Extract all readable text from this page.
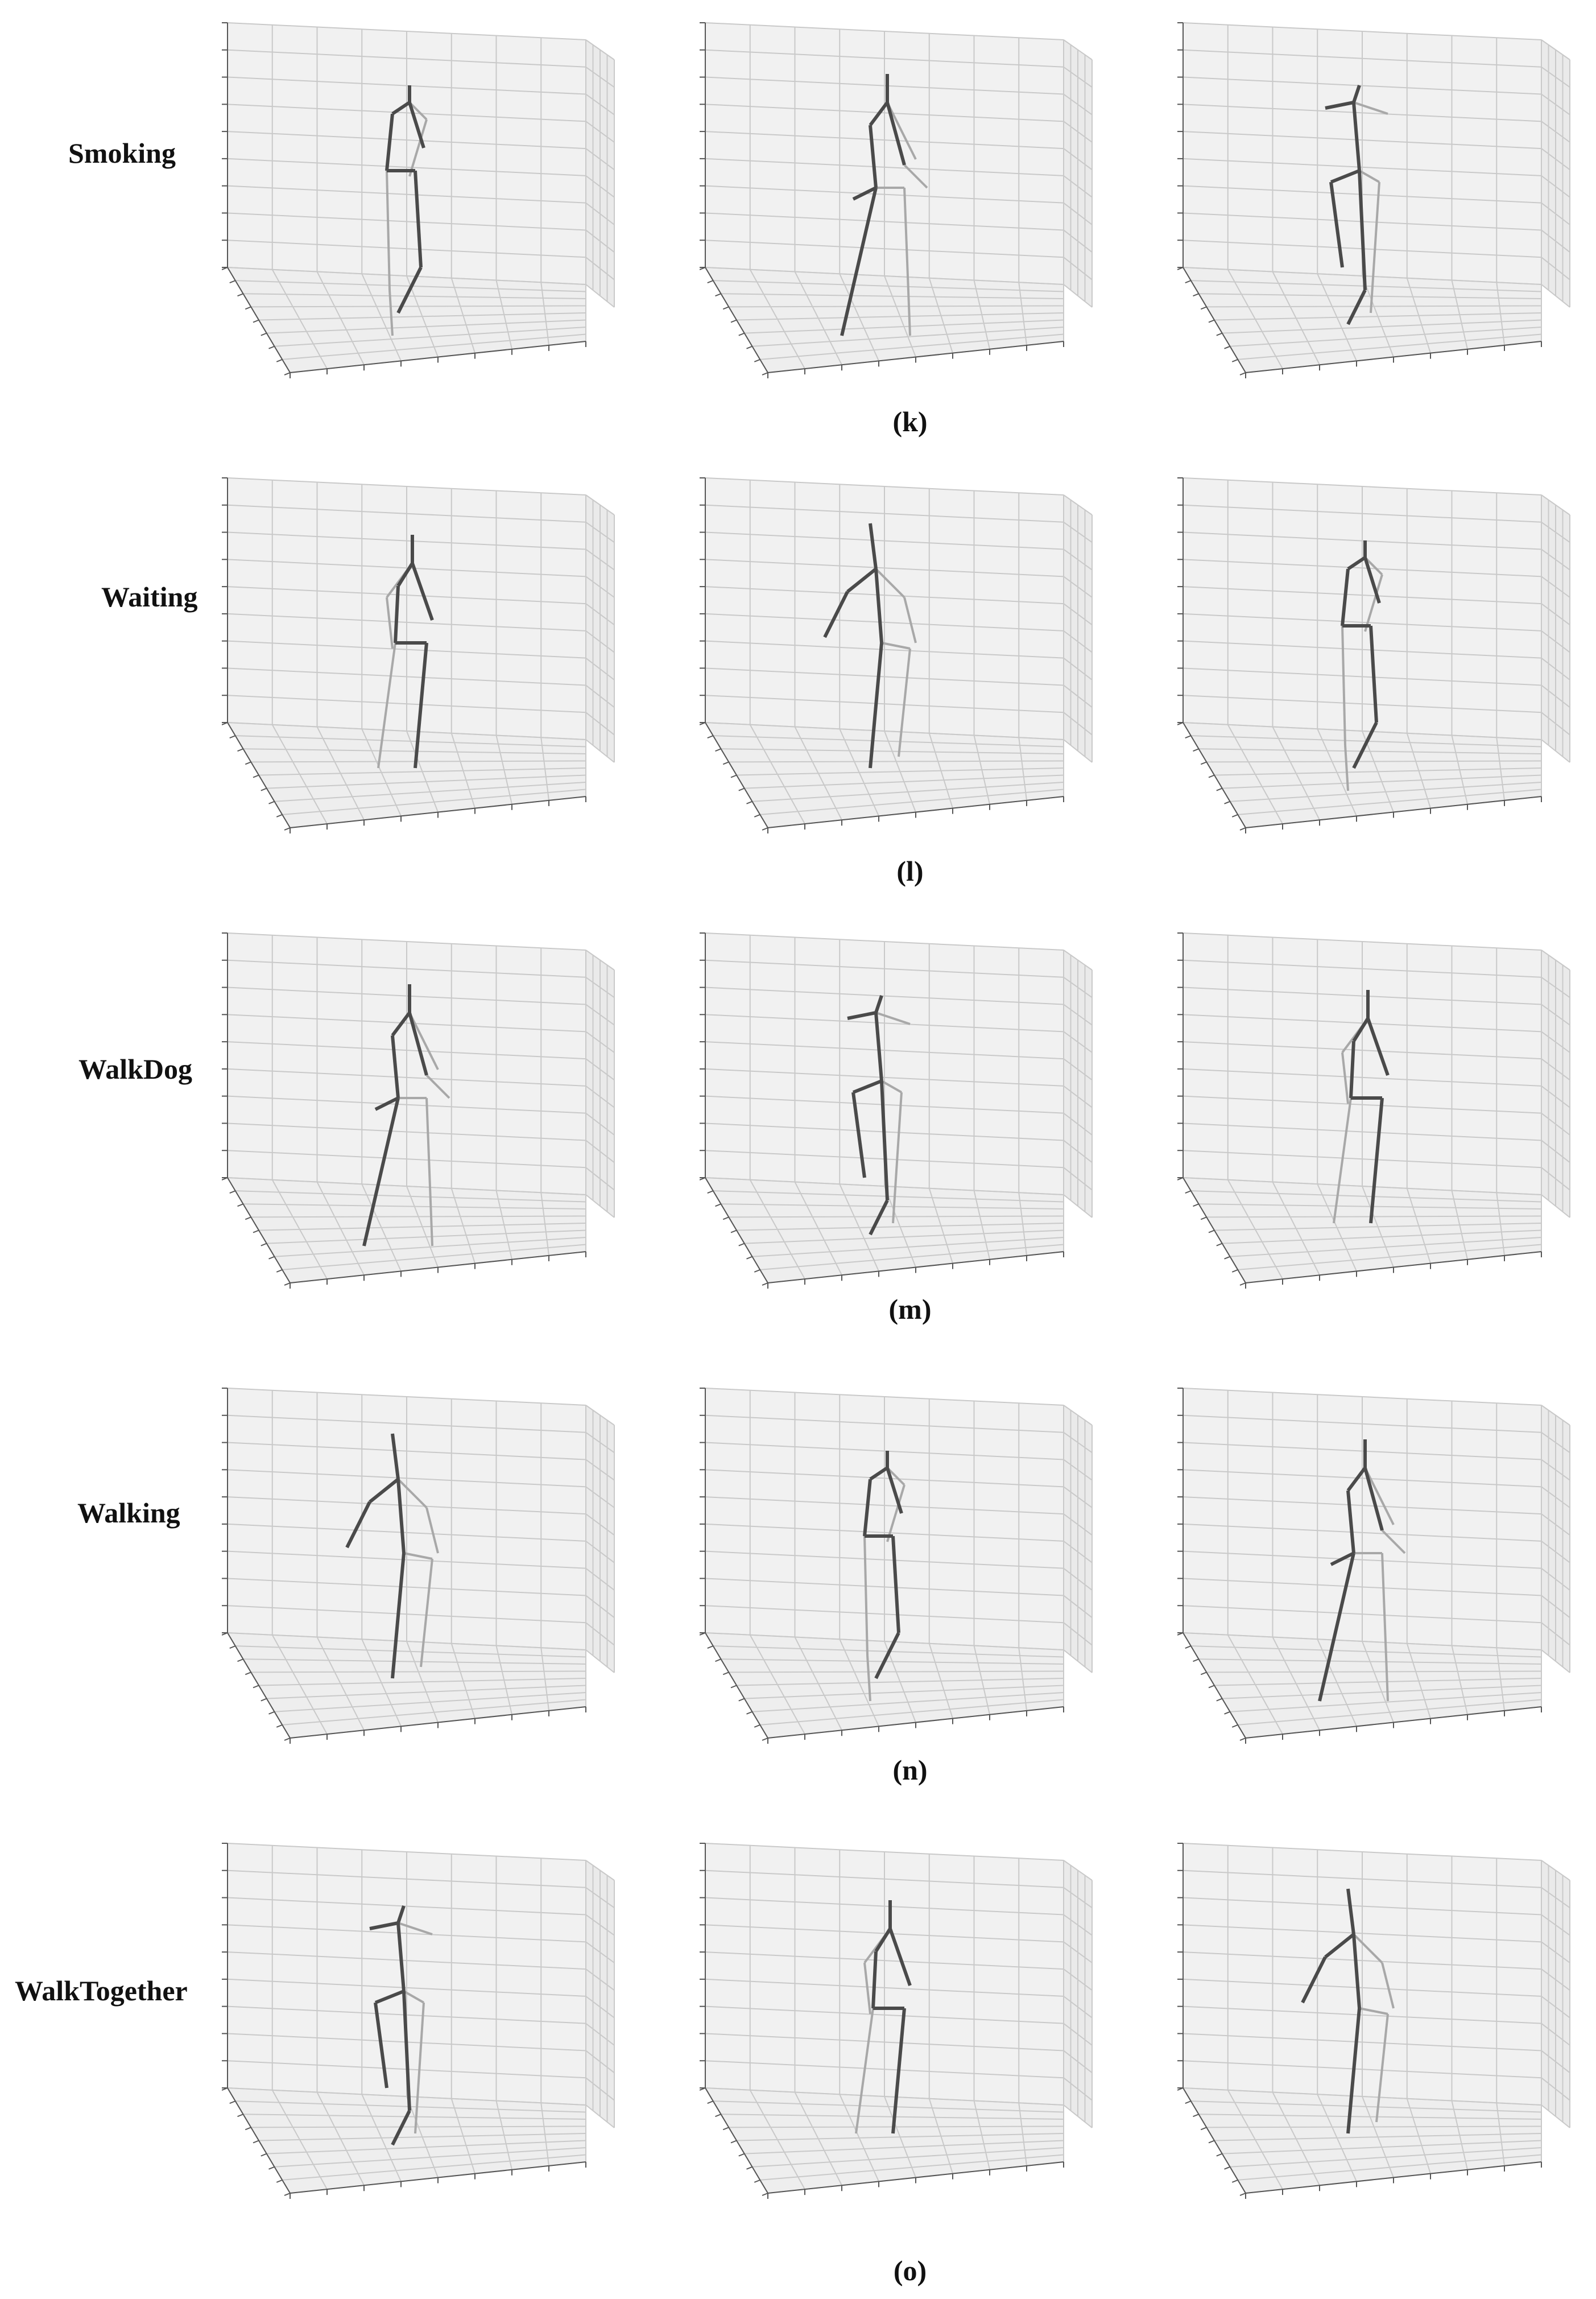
Smoking
(k)
Waiting
(l)
WalkDog
(m)
Walking
(n)
WalkTogether
(o)
